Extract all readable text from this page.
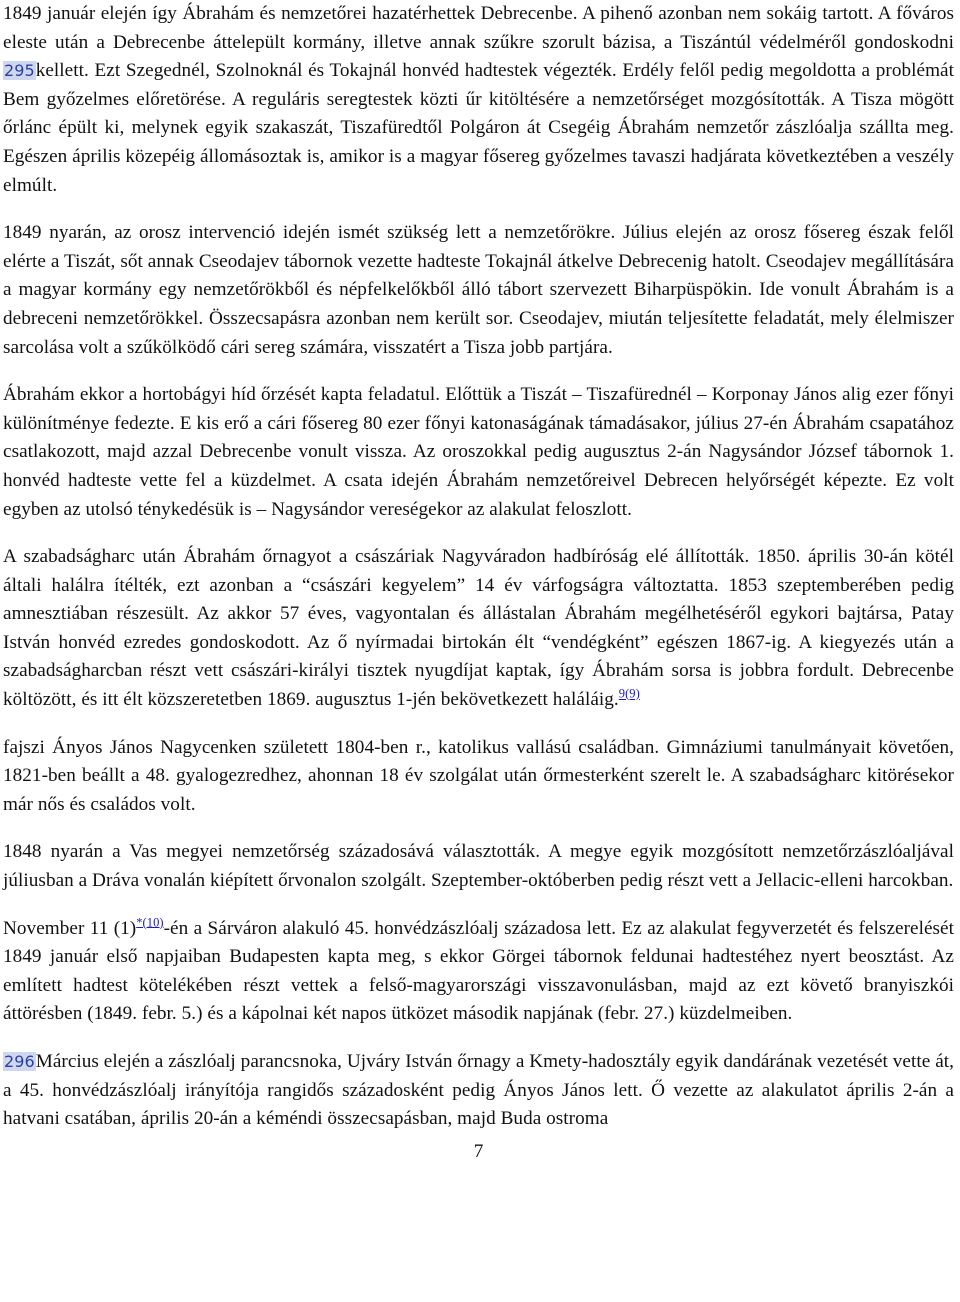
1849 január elején így Ábrahám és nemzetőrei hazatérhettek Debrecenbe. A pihenő azonban nem sokáig tartott. A főváros eleste után a Debrecenbe áttelepült kormány, illetve annak szűkre szorult bázisa, a Tiszántúl védelméről gondoskodni 295kellett. Ezt Szegednél, Szolnoknál és Tokajnál honvéd hadtestek végezték. Erdély felől pedig megoldotta a problémát Bem győzelmes előretörése. A reguláris seregtestek közti űr kitöltésére a nemzetőrséget mozgósították. A Tisza mögött őrlánc épült ki, melynek egyik szakaszát, Tiszafüredtől Polgáron át Csegéig Ábrahám nemzetőr zászlóalja szállta meg. Egészen április közepéig állomásoztak is, amikor is a magyar fősereg győzelmes tavaszi hadjárata következtében a veszély elmúlt.

1849 nyarán, az orosz intervenció idején ismét szükség lett a nemzetőrökre. Július elején az orosz fősereg észak felől elérte a Tiszát, sőt annak Cseodajev tábornok vezette hadteste Tokajnál átkelve Debrecenig hatolt. Cseodajev megállítására a magyar kormány egy nemzetőrökből és népfelkelőkből álló tábort szervezett Biharpüspökin. Ide vonult Ábrahám is a debreceni nemzetőrökkel. Összecsapásra azonban nem került sor. Cseodajev, miután teljesítette feladatát, mely élelmiszer sarcolása volt a szűkölködő cári sereg számára, visszatért a Tisza jobb partjára.

Ábrahám ekkor a hortobágyi híd őrzését kapta feladatul. Előttük a Tiszát – Tiszafürednél – Korponay János alig ezer főnyi különítménye fedezte. E kis erő a cári fősereg 80 ezer főnyi katonaságának támadásakor, július 27-én Ábrahám csapatához csatlakozott, majd azzal Debrecenbe vonult vissza. Az oroszokkal pedig augusztus 2-án Nagysándor József tábornok 1. honvéd hadteste vette fel a küzdelmet. A csata idején Ábrahám nemzetőreivel Debrecen helyőrségét képezte. Ez volt egyben az utolsó ténykedésük is – Nagysándor vereségekor az alakulat feloszlott.

A szabadságharc után Ábrahám őrnagyot a császáriak Nagyváradon hadbíróság elé állították. 1850. április 30-án kötél általi halálra ítélték, ezt azonban a “császári kegyelem” 14 év várfogságra változtatta. 1853 szeptemberében pedig amnesztiában részesült. Az akkor 57 éves, vagyontalan és állástalan Ábrahám megélhetéséről egykori bajtársa, Patay István honvéd ezredes gondoskodott. Az ő nyírmadai birtokán élt “vendégként” egészen 1867-ig. A kiegyezés után a szabadságharcban részt vett császári-királyi tisztek nyugdíjat kaptak, így Ábrahám sorsa is jobbra fordult. Debrecenbe költözött, és itt élt közszeretetben 1869. augusztus 1-jén bekövetkezett haláláig.$^{9(9)}$

fajszi Ányos János Nagycenken született 1804-ben r., katolikus vallású családban. Gimnáziumi tanulmányait követően, 1821-ben beállt a 48. gyalogezredhez, ahonnan 18 év szolgálat után őrmesterként szerelt le. A szabadságharc kitörésekor már nős és családos volt.

1848 nyarán a Vas megyei nemzetőrség századosává választották. A megye egyik mozgósított nemzetőrzászlóaljával júliusban a Dráva vonalán kiépített őrvonalon szolgált. Szeptember-októberben pedig részt vett a Jellacic-elleni harcokban.

November 11 (1)$^{*(10)}$-én a Sárváron alakuló 45. honvédzászlóalj századosa lett. Ez az alakulat fegyverzetét és felszerelését 1849 január első napjaiban Budapesten kapta meg, s ekkor Görgei tábornok feldunai hadtestéhez nyert beosztást. Az említett hadtest kötelékében részt vettek a felső-magyarországi visszavonulásban, majd az ezt követő branyiszkói áttörésben (1849. febr. 5.) és a kápolnai két napos ütközet második napjának (febr. 27.) küzdelmeiben.

296Március elején a zászlóalj parancsnoka, Ujváry István őrnagy a Kmety-hadosztály egyik dandárának vezetését vette át, a 45. honvédzászlóalj irányítója rangidős századosként pedig Ányos János lett. Ő vezette az alakulatot április 2-án a hatvani csatában, április 20-án a kéméndi összecsapásban, majd Buda ostroma

7
